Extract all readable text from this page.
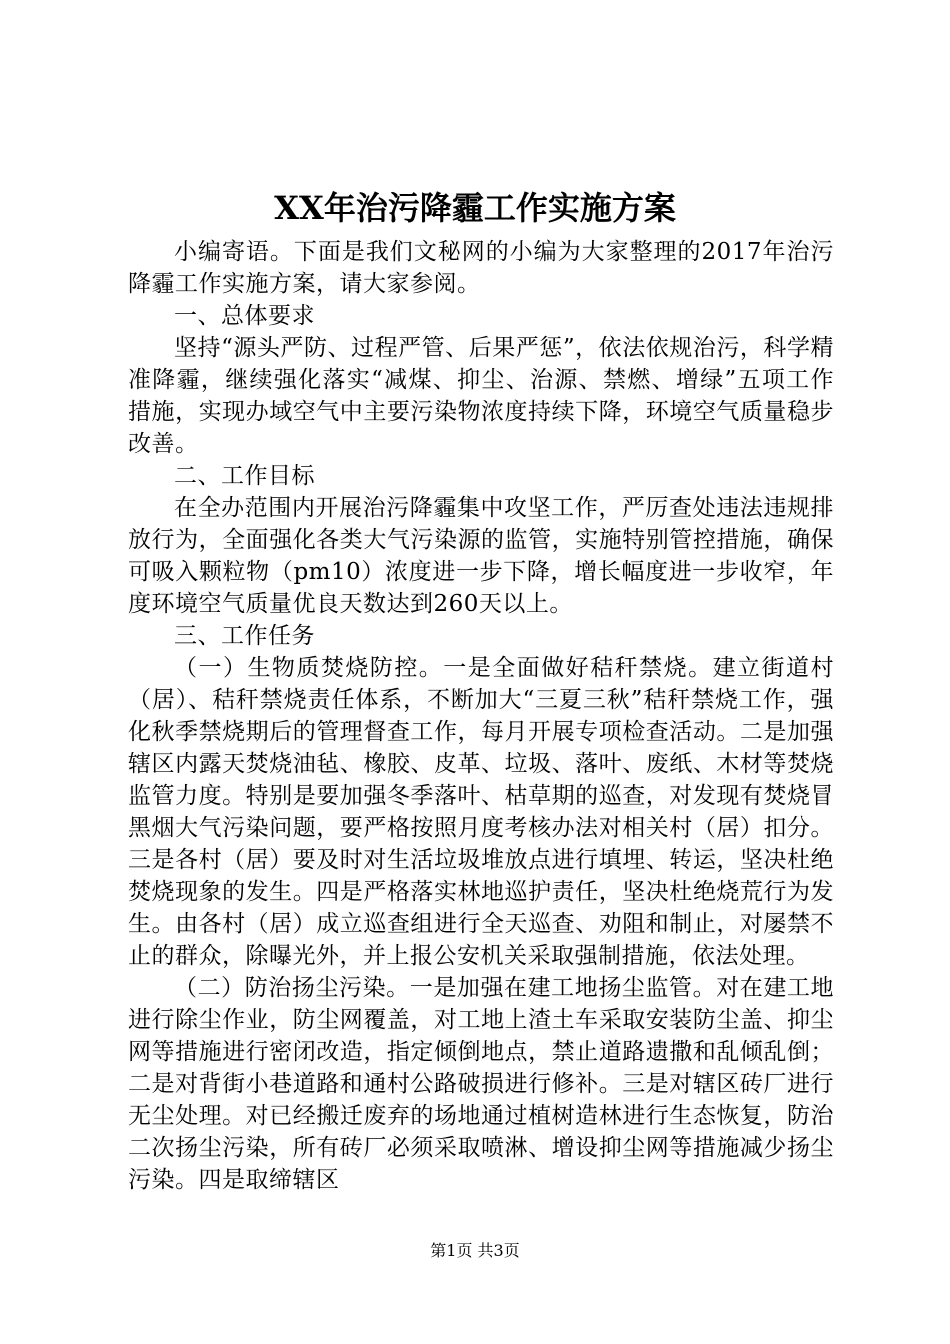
XX年治污降霾工作实施方案

小编寄语。下面是我们文秘网的小编为大家整理的2017年治污降霾工作实施方案，请大家参阅。

一、总体要求

坚持“源头严防、过程严管、后果严惩”，依法依规治污，科学精准降霾，继续强化落实“减煤、抑尘、治源、禁燃、增绿”五项工作措施，实现办域空气中主要污染物浓度持续下降，环境空气质量稳步改善。

二、工作目标

在全办范围内开展治污降霾集中攻坚工作，严厉查处违法违规排放行为，全面强化各类大气污染源的监管，实施特别管控措施，确保可吸入颗粒物（pm10）浓度进一步下降，增长幅度进一步收窄，年度环境空气质量优良天数达到260天以上。

三、工作任务

（一）生物质焚烧防控。一是全面做好秸秆禁烧。建立街道村（居）、秸秆禁烧责任体系，不断加大“三夏三秋”秸秆禁烧工作，强化秋季禁烧期后的管理督查工作，每月开展专项检查活动。二是加强辖区内露天焚烧油毡、橡胶、皮革、垃圾、落叶、废纸、木材等焚烧监管力度。特别是要加强冬季落叶、枯草期的巡查，对发现有焚烧冒黑烟大气污染问题，要严格按照月度考核办法对相关村（居）扣分。三是各村（居）要及时对生活垃圾堆放点进行填埋、转运，坚决杜绝焚烧现象的发生。四是严格落实林地巡护责任，坚决杜绝烧荒行为发生。由各村（居）成立巡查组进行全天巡查、劝阻和制止，对屡禁不止的群众，除曝光外，并上报公安机关采取强制措施，依法处理。

（二）防治扬尘污染。一是加强在建工地扬尘监管。对在建工地进行除尘作业，防尘网覆盖，对工地上渣土车采取安装防尘盖、抑尘网等措施进行密闭改造，指定倾倒地点，禁止道路遗撒和乱倾乱倒；二是对背街小巷道路和通村公路破损进行修补。三是对辖区砖厂进行无尘处理。对已经搬迁废弃的场地通过植树造林进行生态恢复，防治二次扬尘污染，所有砖厂必须采取喷淋、增设抑尘网等措施减少扬尘污染。四是取缔辖区

第1页 共3页
